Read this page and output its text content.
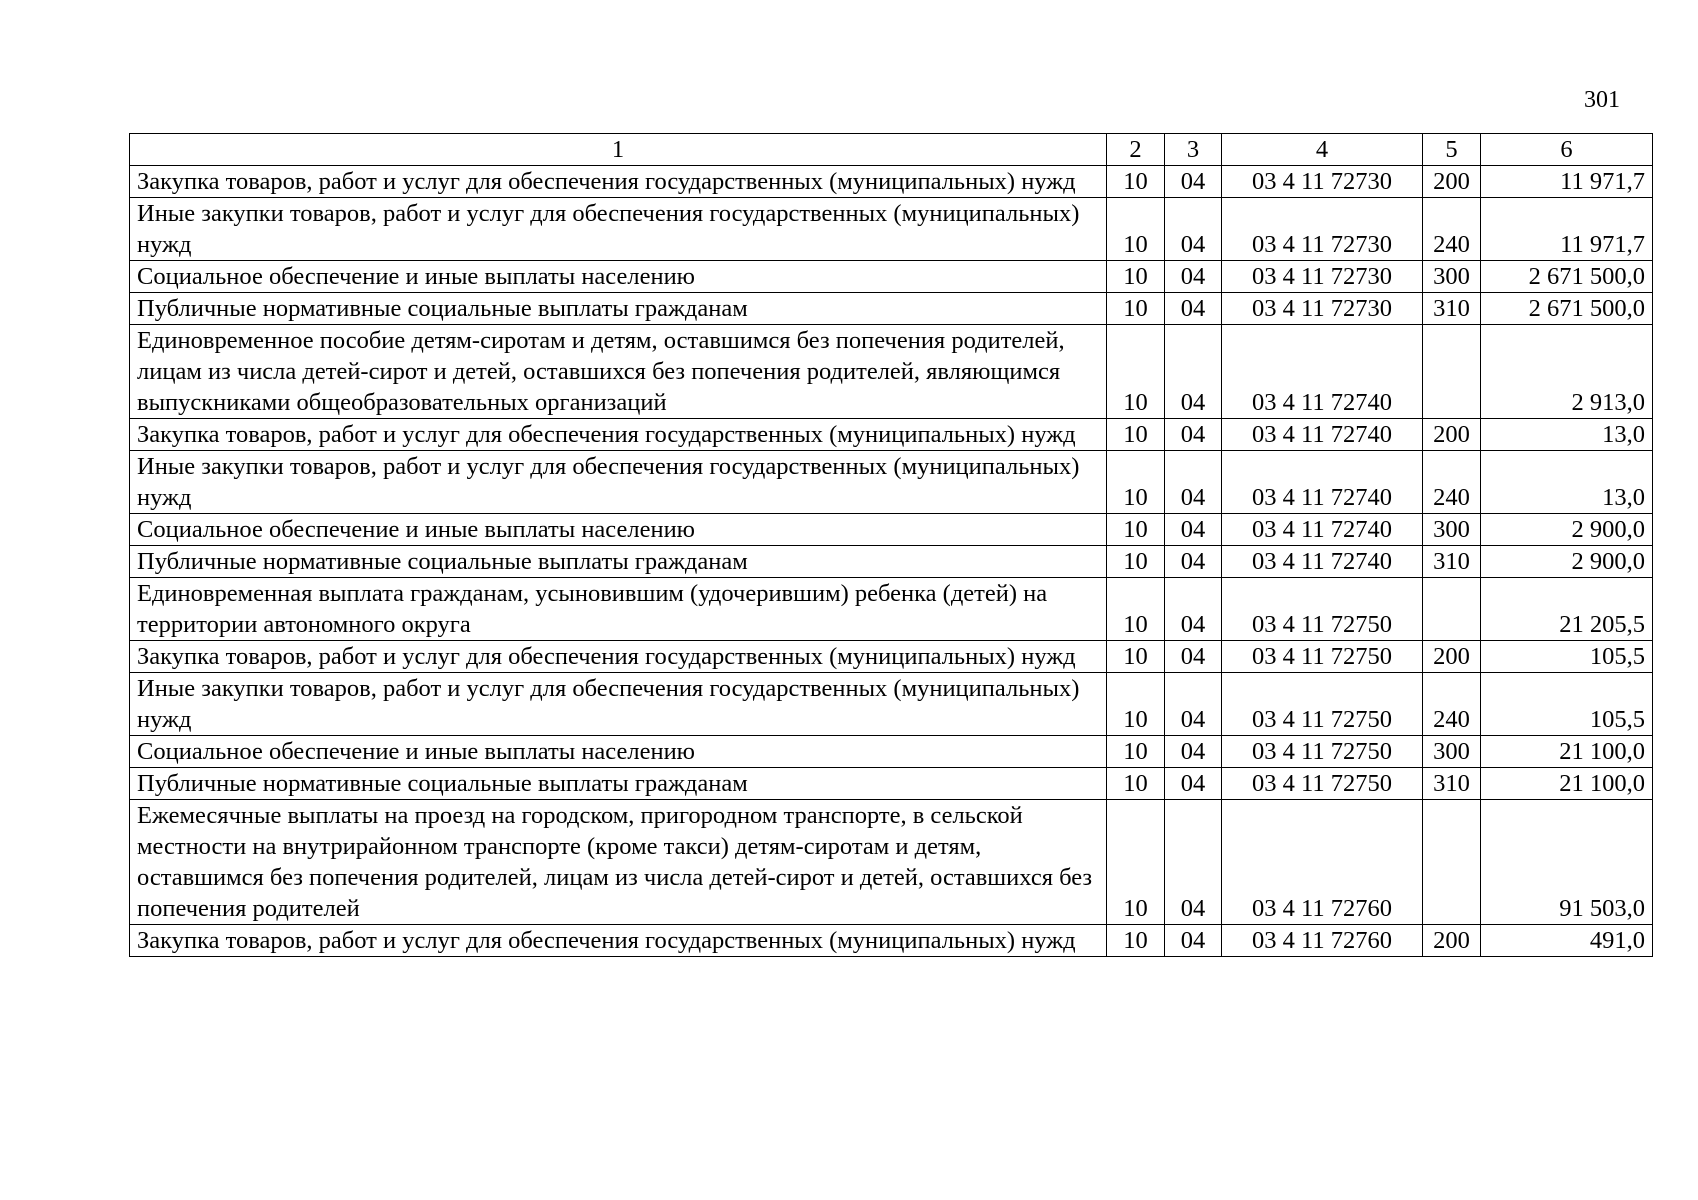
301
1	2	3	4	5	6
Закупка товаров, работ и услуг для обеспечения государственных (муниципальных) нужд	10	04	03 4 11 72730	200	11 971,7
Иные закупки товаров, работ и услуг для обеспечения государственных (муниципальных) нужд	10	04	03 4 11 72730	240	11 971,7
Социальное обеспечение и иные выплаты населению	10	04	03 4 11 72730	300	2 671 500,0
Публичные нормативные социальные выплаты гражданам	10	04	03 4 11 72730	310	2 671 500,0
Единовременное пособие детям-сиротам и детям, оставшимся без попечения родителей, лицам из числа детей-сирот и детей, оставшихся без попечения родителей, являющимся выпускниками общеобразовательных организаций	10	04	03 4 11 72740		2 913,0
Закупка товаров, работ и услуг для обеспечения государственных (муниципальных) нужд	10	04	03 4 11 72740	200	13,0
Иные закупки товаров, работ и услуг для обеспечения государственных (муниципальных) нужд	10	04	03 4 11 72740	240	13,0
Социальное обеспечение и иные выплаты населению	10	04	03 4 11 72740	300	2 900,0
Публичные нормативные социальные выплаты гражданам	10	04	03 4 11 72740	310	2 900,0
Единовременная выплата гражданам, усыновившим (удочерившим) ребенка (детей) на территории автономного округа	10	04	03 4 11 72750		21 205,5
Закупка товаров, работ и услуг для обеспечения государственных (муниципальных) нужд	10	04	03 4 11 72750	200	105,5
Иные закупки товаров, работ и услуг для обеспечения государственных (муниципальных) нужд	10	04	03 4 11 72750	240	105,5
Социальное обеспечение и иные выплаты населению	10	04	03 4 11 72750	300	21 100,0
Публичные нормативные социальные выплаты гражданам	10	04	03 4 11 72750	310	21 100,0
Ежемесячные выплаты на проезд на городском, пригородном транспорте, в сельской местности на внутрирайонном транспорте (кроме такси) детям-сиротам и детям, оставшимся без попечения родителей, лицам из числа детей-сирот и детей, оставшихся без попечения родителей	10	04	03 4 11 72760		91 503,0
Закупка товаров, работ и услуг для обеспечения государственных (муниципальных) нужд	10	04	03 4 11 72760	200	491,0
